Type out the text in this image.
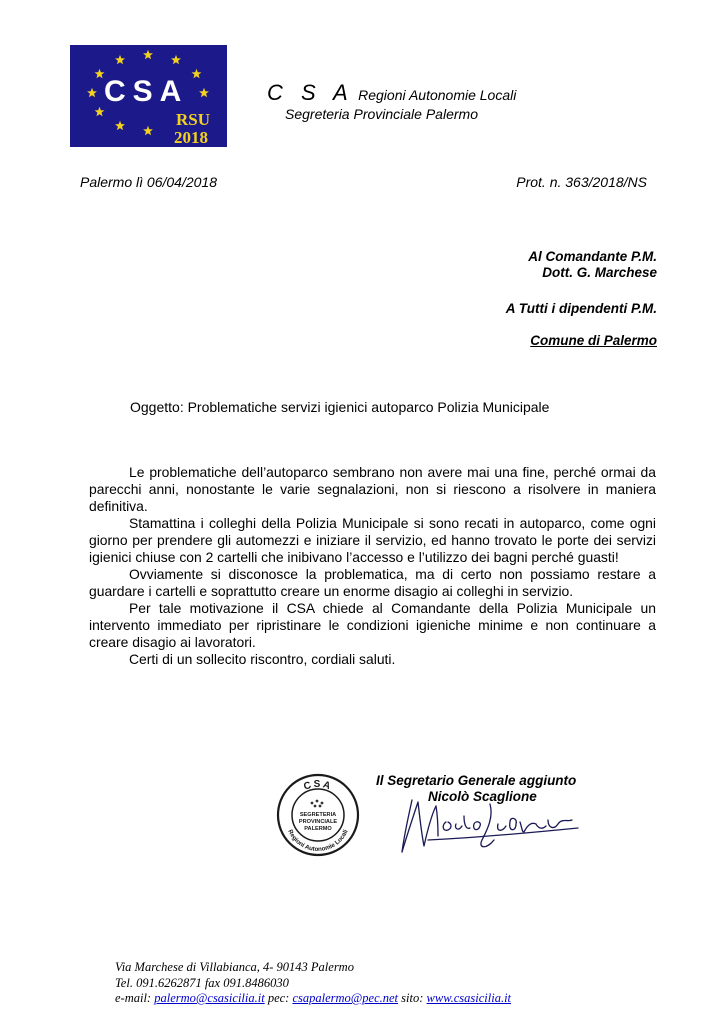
CSA
RSU
2018
C S A Regioni Autonomie Locali
Segreteria Provinciale Palermo
Palermo lì 06/04/2018	Prot. n. 363/2018/NS
Al Comandante P.M.
Dott. G. Marchese
A Tutti i dipendenti P.M.
Comune di Palermo
Oggetto: Problematiche servizi igienici autoparco Polizia Municipale

Le problematiche dell’autoparco sembrano non avere mai una fine, perché ormai da parecchi anni, nonostante le varie segnalazioni, non si riescono a risolvere in maniera definitiva.

Stamattina i colleghi della Polizia Municipale si sono recati in autoparco, come ogni giorno per prendere gli automezzi e iniziare il servizio, ed hanno trovato le porte dei servizi igienici chiuse con 2 cartelli che inibivano l’accesso e l’utilizzo dei bagni perché guasti!

Ovviamente si disconosce la problematica, ma di certo non possiamo restare a guardare i cartelli e soprattutto creare un enorme disagio ai colleghi in servizio.

Per tale motivazione il CSA chiede al Comandante della Polizia Municipale un intervento immediato per ripristinare le condizioni igieniche minime e non continuare a creare disagio ai lavoratori.

Certi di un sollecito riscontro, cordiali saluti.

CSA
Regioni Autonomie Locali
SEGRETERIA
PROVINCIALE
PALERMO
Il Segretario Generale aggiunto
Nicolò Scaglione
Via Marchese di Villabianca, 4- 90143 Palermo
Tel. 091.6262871 fax 091.8486030
e-mail: palermo@csasicilia.it pec: csapalermo@pec.net sito: www.csasicilia.it
